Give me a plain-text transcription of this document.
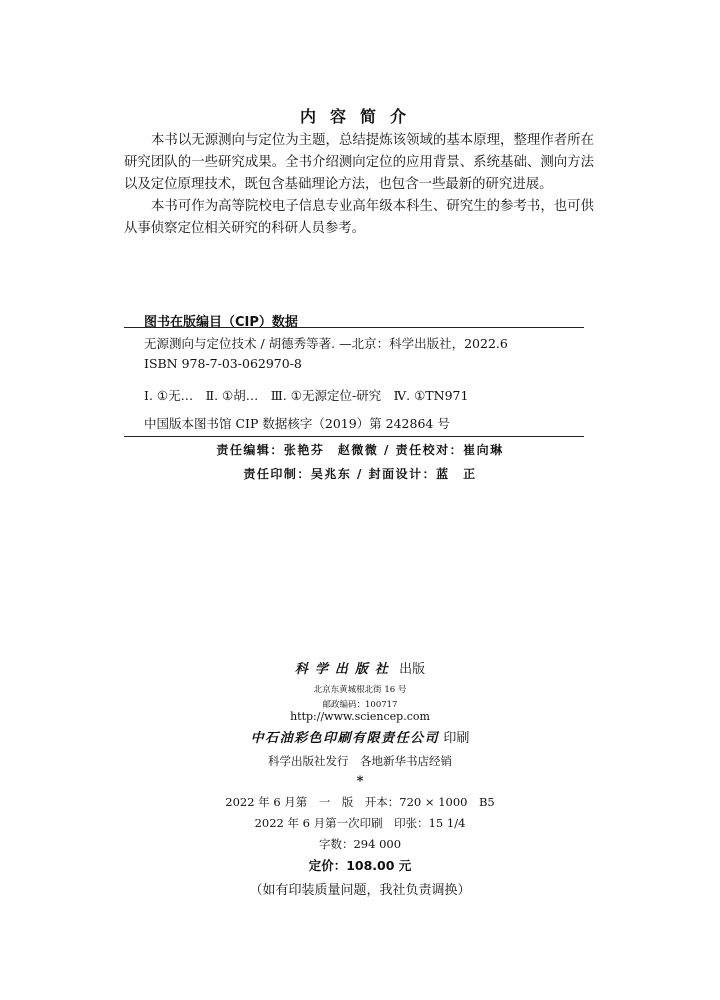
内容简介

本书以无源测向与定位为主题，总结提炼该领域的基本原理，整理作者所在研究团队的一些研究成果。全书介绍测向定位的应用背景、系统基础、测向方法以及定位原理技术，既包含基础理论方法，也包含一些最新的研究进展。

本书可作为高等院校电子信息专业高年级本科生、研究生的参考书，也可供从事侦察定位相关研究的科研人员参考。

图书在版编目（CIP）数据
无源测向与定位技术 / 胡德秀等著. —北京：科学出版社，2022.6
ISBN 978-7-03-062970-8
Ⅰ. ①无…　Ⅱ. ①胡…　Ⅲ. ①无源定位-研究　Ⅳ. ①TN971
中国版本图书馆 CIP 数据核字（2019）第 242864 号
责任编辑：张艳芬　赵微微 / 责任校对：崔向琳
责任印制：吴兆东 / 封面设计：蓝　正
科学出版社 出版
北京东黄城根北街 16 号
邮政编码：100717
http://www.sciencep.com
中石油彩色印刷有限责任公司 印刷
科学出版社发行　各地新华书店经销
*
2022 年 6 月第　一　版　开本：720 × 1000　B5
2022 年 6 月第一次印刷　印张：15 1/4
字数：294 000
定价：108.00 元
（如有印装质量问题，我社负责调换）
